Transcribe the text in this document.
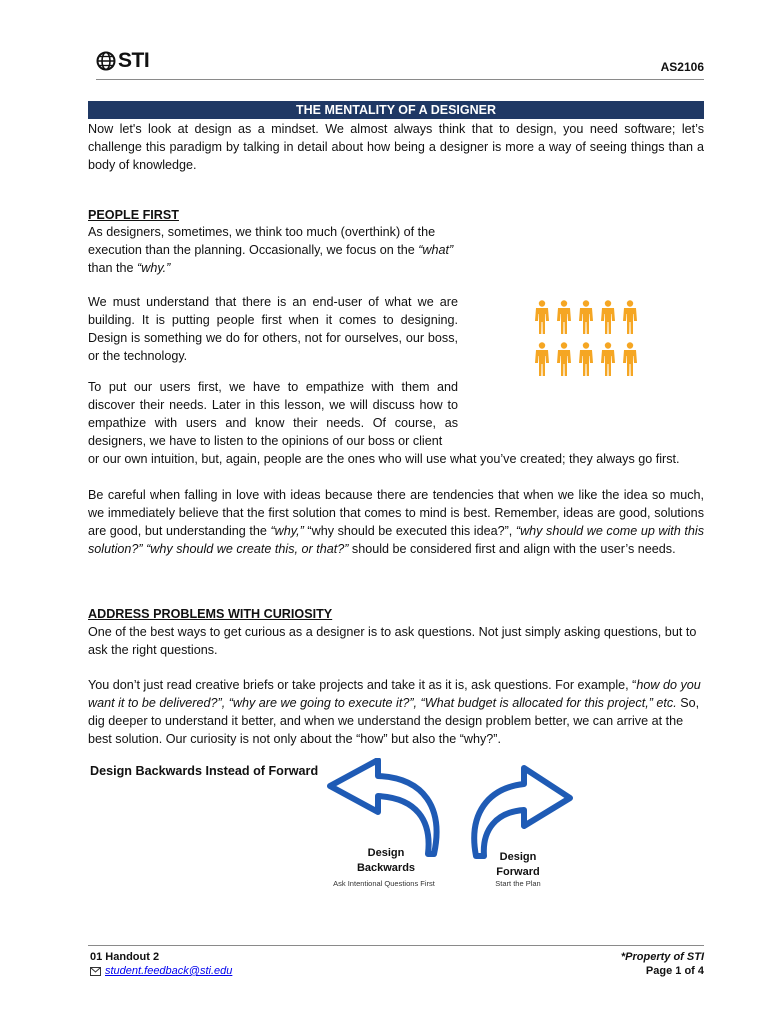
STI	AS2106
THE MENTALITY OF A DESIGNER
Now let's look at design as a mindset. We almost always think that to design, you need software; let’s challenge this paradigm by talking in detail about how being a designer is more a way of seeing things than a body of knowledge.
PEOPLE FIRST
As designers, sometimes, we think too much (overthink) of the execution than the planning. Occasionally, we focus on the “what” than the “why.”
We must understand that there is an end-user of what we are building. It is putting people first when it comes to designing. Design is something we do for others, not for ourselves, our boss, or the technology.
To put our users first, we have to empathize with them and discover their needs. Later in this lesson, we will discuss how to empathize with users and know their needs. Of course, as designers, we have to listen to the opinions of our boss or client
or our own intuition, but, again, people are the ones who will use what you’ve created; they always go first.
Be careful when falling in love with ideas because there are tendencies that when we like the idea so much, we immediately believe that the first solution that comes to mind is best. Remember, ideas are good, solutions are good, but understanding the “why,” “why should be executed this idea?”, “why should we come up with this solution?” “why should we create this, or that?” should be considered first and align with the user’s needs.
ADDRESS PROBLEMS WITH CURIOSITY
One of the best ways to get curious as a designer is to ask questions. Not just simply asking questions, but to ask the right questions.
You don’t just read creative briefs or take projects and take it as it is, ask questions. For example, “how do you want it to be delivered?”, “why are we going to execute it?”, “What budget is allocated for this project,” etc. So, dig deeper to understand it better, and when we understand the design problem better, we can arrive at the best solution. Our curiosity is not only about the “how” but also the “why?”.
Design Backwards Instead of Forward
Design
Backwards
Ask Intentional Questions First
Design
Forward
Start the Plan
01 Handout 2
student.feedback@sti.edu
*Property of STI
Page 1 of 4
